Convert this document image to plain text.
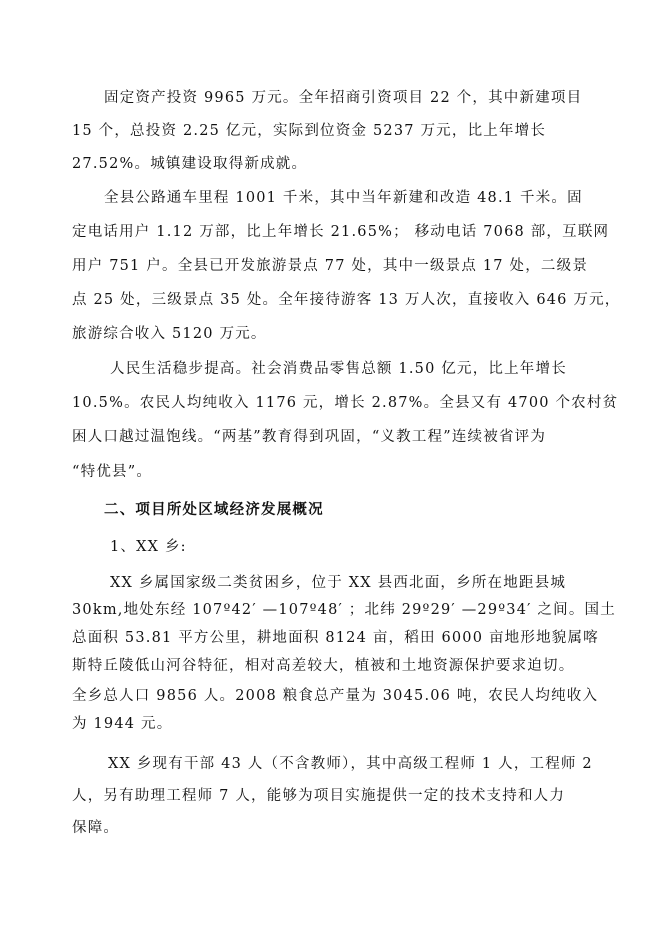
固定资产投资 9965 万元。全年招商引资项目 22 个，其中新建项目
15 个，总投资 2.25 亿元，实际到位资金 5237 万元，比上年增长
27.52%。城镇建设取得新成就。
全县公路通车里程 1001 千米，其中当年新建和改造 48.1 千米。固
定电话用户 1.12 万部，比上年增长 21.65%； 移动电话 7068 部，互联网
用户 751 户。全县已开发旅游景点 77 处，其中一级景点 17 处，二级景
点 25 处，三级景点 35 处。全年接待游客 13 万人次，直接收入 646 万元，
旅游综合收入 5120 万元。
人民生活稳步提高。社会消费品零售总额 1.50 亿元，比上年增长
10.5%。农民人均纯收入 1176 元，增长 2.87%。全县又有 4700 个农村贫
困人口越过温饱线。“两基”教育得到巩固，“义教工程”连续被省评为
“特优县”。
二、项目所处区域经济发展概况
1、XX 乡:
XX 乡属国家级二类贫困乡，位于 XX 县西北面，乡所在地距县城
30km,地处东经 107º42′ —107º48′ ；北纬 29º29′ —29º34′ 之间。国土
总面积 53.81 平方公里，耕地面积 8124 亩，稻田 6000 亩地形地貌属喀
斯特丘陵低山河谷特征，相对高差较大，植被和土地资源保护要求迫切。
全乡总人口 9856 人。2008 粮食总产量为 3045.06 吨，农民人均纯收入
为 1944 元。
XX 乡现有干部 43 人（不含教师），其中高级工程师 1 人，工程师 2
人，另有助理工程师 7 人，能够为项目实施提供一定的技术支持和人力
保障。
